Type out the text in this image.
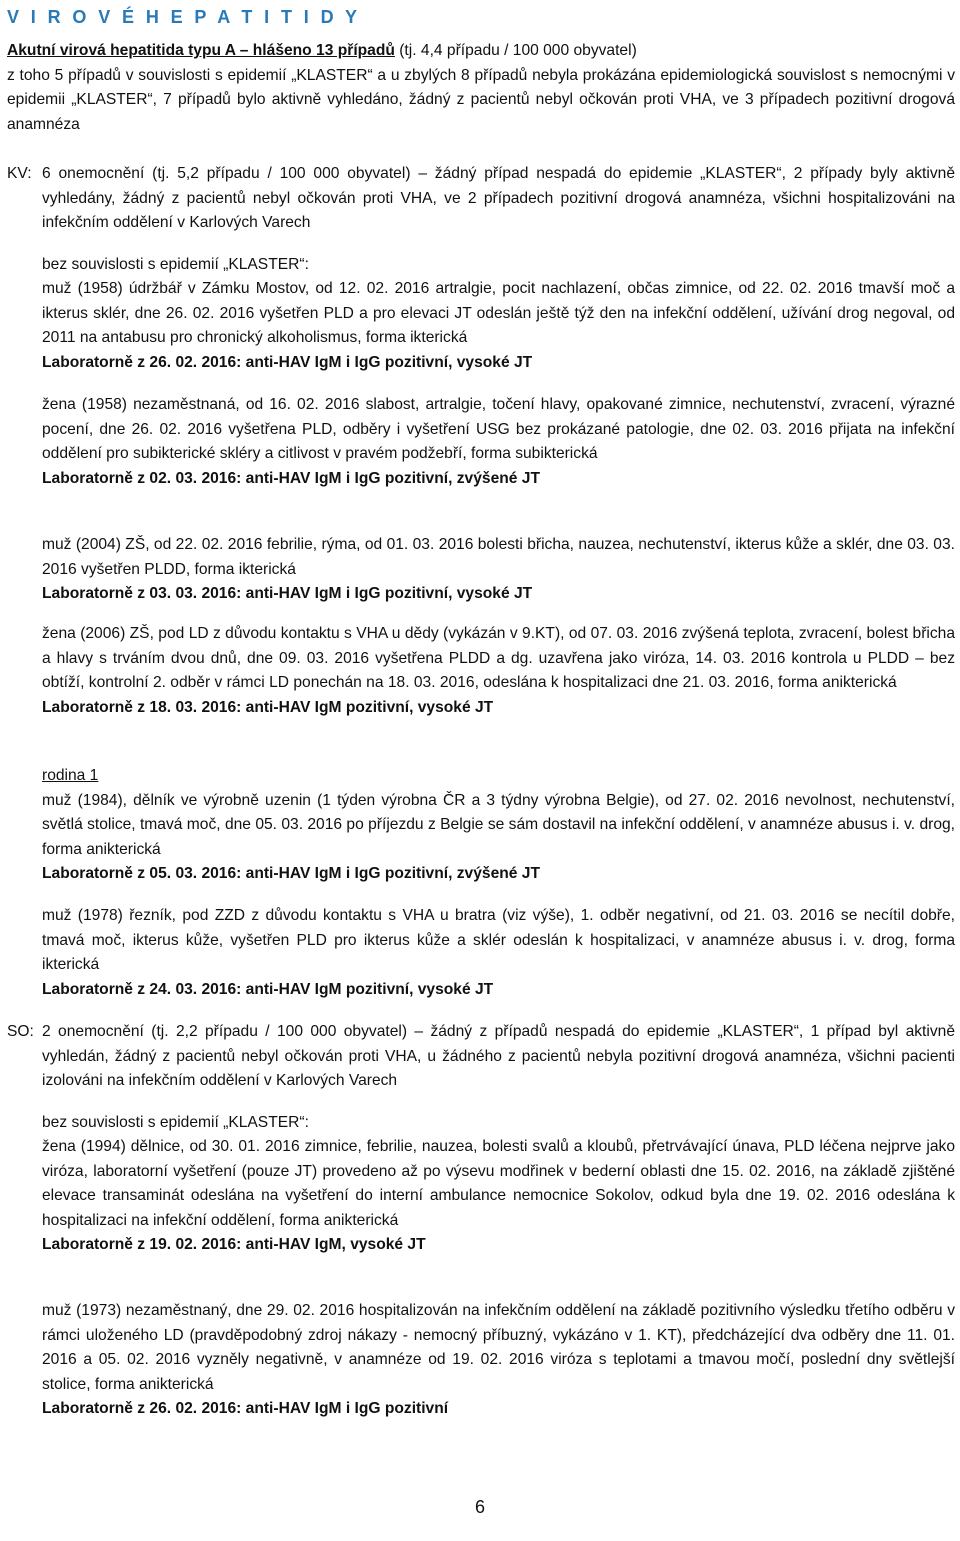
V I R O V É H E P A T I T I D Y

Akutní virová hepatitida typu A – hlášeno 13 případů (tj. 4,4 případu / 100 000 obyvatel)
z toho 5 případů v souvislosti s epidemií „KLASTER“ a u zbylých 8 případů nebyla prokázána epidemiologická souvislost s nemocnými v epidemii „KLASTER“, 7 případů bylo aktivně vyhledáno, žádný z pacientů nebyl očkován proti VHA, ve 3 případech pozitivní drogová anamnéza

KV: 6 onemocnění (tj. 5,2 případu / 100 000 obyvatel) – žádný případ nespadá do epidemie „KLASTER“, 2 případy byly aktivně vyhledány, žádný z pacientů nebyl očkován proti VHA, ve 2 případech pozitivní drogová anamnéza, všichni hospitalizováni na infekčním oddělení v Karlových Varech

bez souvislosti s epidemií „KLASTER“:

muž (1958) údržbář v Zámku Mostov, od 12. 02. 2016 artralgie, pocit nachlazení, občas zimnice, od 22. 02. 2016 tmavší moč a ikterus sklér, dne 26. 02. 2016 vyšetřen PLD a pro elevaci JT odeslán ještě týž den na infekční oddělení, užívání drog negoval, od 2011 na antabusu pro chronický alkoholismus, forma ikterická
Laboratorně z 26. 02. 2016: anti-HAV IgM i IgG pozitivní, vysoké JT

žena (1958) nezaměstnaná, od 16. 02. 2016 slabost, artralgie, točení hlavy, opakované zimnice, nechutenství, zvracení, výrazné pocení, dne 26. 02. 2016 vyšetřena PLD, odběry i vyšetření USG bez prokázané patologie, dne 02. 03. 2016 přijata na infekční oddělení pro subikterické skléry a citlivost v pravém podžebří, forma subikterická
Laboratorně z 02. 03. 2016: anti-HAV IgM i IgG pozitivní, zvýšené JT

muž (2004) ZŠ, od 22. 02. 2016 febrilie, rýma, od 01. 03. 2016 bolesti břicha, nauzea, nechutenství, ikterus kůže a sklér, dne 03. 03. 2016 vyšetřen PLDD, forma ikterická
Laboratorně z 03. 03. 2016: anti-HAV IgM i IgG pozitivní, vysoké JT

žena (2006) ZŠ, pod LD z důvodu kontaktu s VHA u dědy (vykázán v 9.KT), od 07. 03. 2016 zvýšená teplota, zvracení, bolest břicha a hlavy s trváním dvou dnů, dne 09. 03. 2016 vyšetřena PLDD a dg. uzavřena jako viróza, 14. 03. 2016 kontrola u PLDD – bez obtíží, kontrolní 2. odběr v rámci LD ponechán na 18. 03. 2016, odeslána k hospitalizaci dne 21. 03. 2016, forma anikterická
Laboratorně z 18. 03. 2016: anti-HAV IgM pozitivní, vysoké JT

rodina 1
muž (1984), dělník ve výrobně uzenin (1 týden výrobna ČR a 3 týdny výrobna Belgie), od 27. 02. 2016 nevolnost, nechutenství, světlá stolice, tmavá moč, dne 05. 03. 2016 po příjezdu z Belgie se sám dostavil na infekční oddělení, v anamnéze abusus i. v. drog, forma anikterická
Laboratorně z 05. 03. 2016: anti-HAV IgM i IgG pozitivní, zvýšené JT

muž (1978) řezník, pod ZZD z důvodu kontaktu s VHA u bratra (viz výše), 1. odběr negativní, od 21. 03. 2016 se necítil dobře, tmavá moč, ikterus kůže, vyšetřen PLD pro ikterus kůže a sklér odeslán k hospitalizaci, v anamnéze abusus i. v. drog, forma ikterická
Laboratorně z 24. 03. 2016: anti-HAV IgM pozitivní, vysoké JT

SO: 2 onemocnění (tj. 2,2 případu / 100 000 obyvatel) – žádný z případů nespadá do epidemie „KLASTER“, 1 případ byl aktivně vyhledán, žádný z pacientů nebyl očkován proti VHA, u žádného z pacientů nebyla pozitivní drogová anamnéza, všichni pacienti izolováni na infekčním oddělení v Karlových Varech

bez souvislosti s epidemií „KLASTER“:

žena (1994) dělnice, od 30. 01. 2016 zimnice, febrilie, nauzea, bolesti svalů a kloubů, přetrvávající únava, PLD léčena nejprve jako viróza, laboratorní vyšetření (pouze JT) provedeno až po výsevu modřinek v bederní oblasti dne 15. 02. 2016, na základě zjištěné elevace transaminát odeslána na vyšetření do interní ambulance nemocnice Sokolov, odkud byla dne 19. 02. 2016 odeslána k hospitalizaci na infekční oddělení, forma anikterická
Laboratorně z 19. 02. 2016: anti-HAV IgM, vysoké JT

muž (1973) nezaměstnaný, dne 29. 02. 2016 hospitalizován na infekčním oddělení na základě pozitivního výsledku třetího odběru v rámci uloženého LD (pravděpodobný zdroj nákazy - nemocný příbuzný, vykázáno v 1. KT), předcházející dva odběry dne 11. 01. 2016 a 05. 02. 2016 vyzněly negativně, v anamnéze od 19. 02. 2016 viróza s teplotami a tmavou močí, poslední dny světlejší stolice, forma anikterická
Laboratorně z 26. 02. 2016: anti-HAV IgM i IgG pozitivní

6
